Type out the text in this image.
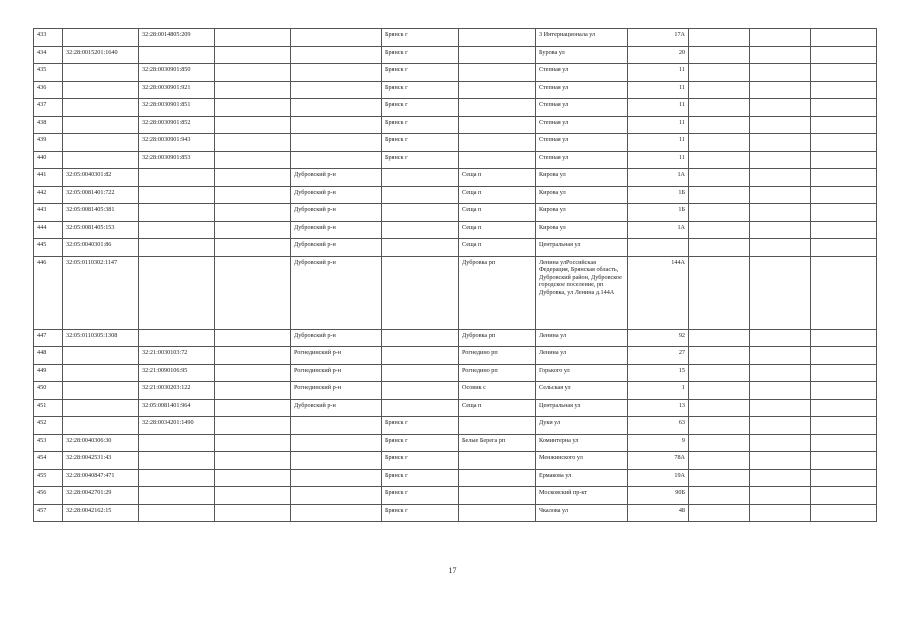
433		32:28:0014805:209			Брянск г		3 Интернационала ул	17А			
434	32:28:0015201:1640				Брянск г		Бурова ул	20			
435		32:28:0030901:850			Брянск г		Степная ул	11			
436		32:28:0030901:921			Брянск г		Степная ул	11			
437		32:28:0030901:851			Брянск г		Степная ул	11			
438		32:28:0030901:852			Брянск г		Степная ул	11			
439		32:28:0030901:943			Брянск г		Степная ул	11			
440		32:28:0030901:853			Брянск г		Степная ул	11			
441	32:05:0040301:82			Дубровский р-н		Сеща п	Кирова ул	1А			
442	32:05:0081401:722			Дубровский р-н		Сеща п	Кирова ул	1Б			
443	32:05:0081405:381			Дубровский р-н		Сеща п	Кирова ул	1Б			
444	32:05:0081405:153			Дубровский р-н		Сеща п	Кирова ул	1А			
445	32:05:0040301:86			Дубровский р-н		Сеща п	Центральная ул				
446	32:05:0110302:1147			Дубровский р-н		Дубровка рп	Ленина улРоссийская Федерация, Брянская область, Дубровский район, Дубровское городское поселение, рп Дубровка, ул Ленина д.144А	144А			
447	32:05:0110305:1308			Дубровский р-н		Дубровка рп	Ленина ул	92			
448		32:21:0030103:72		Рогнединский р-н		Рогнедино рп	Ленина ул	27			
449		32:21:0090106:95		Рогнединский р-н		Рогнедино рп	Горького ул	15			
450		32:21:0030203:122		Рогнединский р-н		Осовик с	Сельская ул	1			
451		32:05:0081401:964		Дубровский р-н		Сеща п	Центральная ул	13			
452		32:28:0034201:1490			Брянск г		Дуки ул	63			
453	32:28:0040306:30				Брянск г	Белые Берега рп	Коминтерна ул	9			
454	32:28:0042531:43				Брянск г		Менжинского ул	78А			
455	32:28:0040847:471				Брянск г		Ермакова ул	19А			
456	32:28:0042701:29				Брянск г		Московский пр-кт	90Б			
457	32:28:0042162:15				Брянск г		Чкалова ул	48			
17
